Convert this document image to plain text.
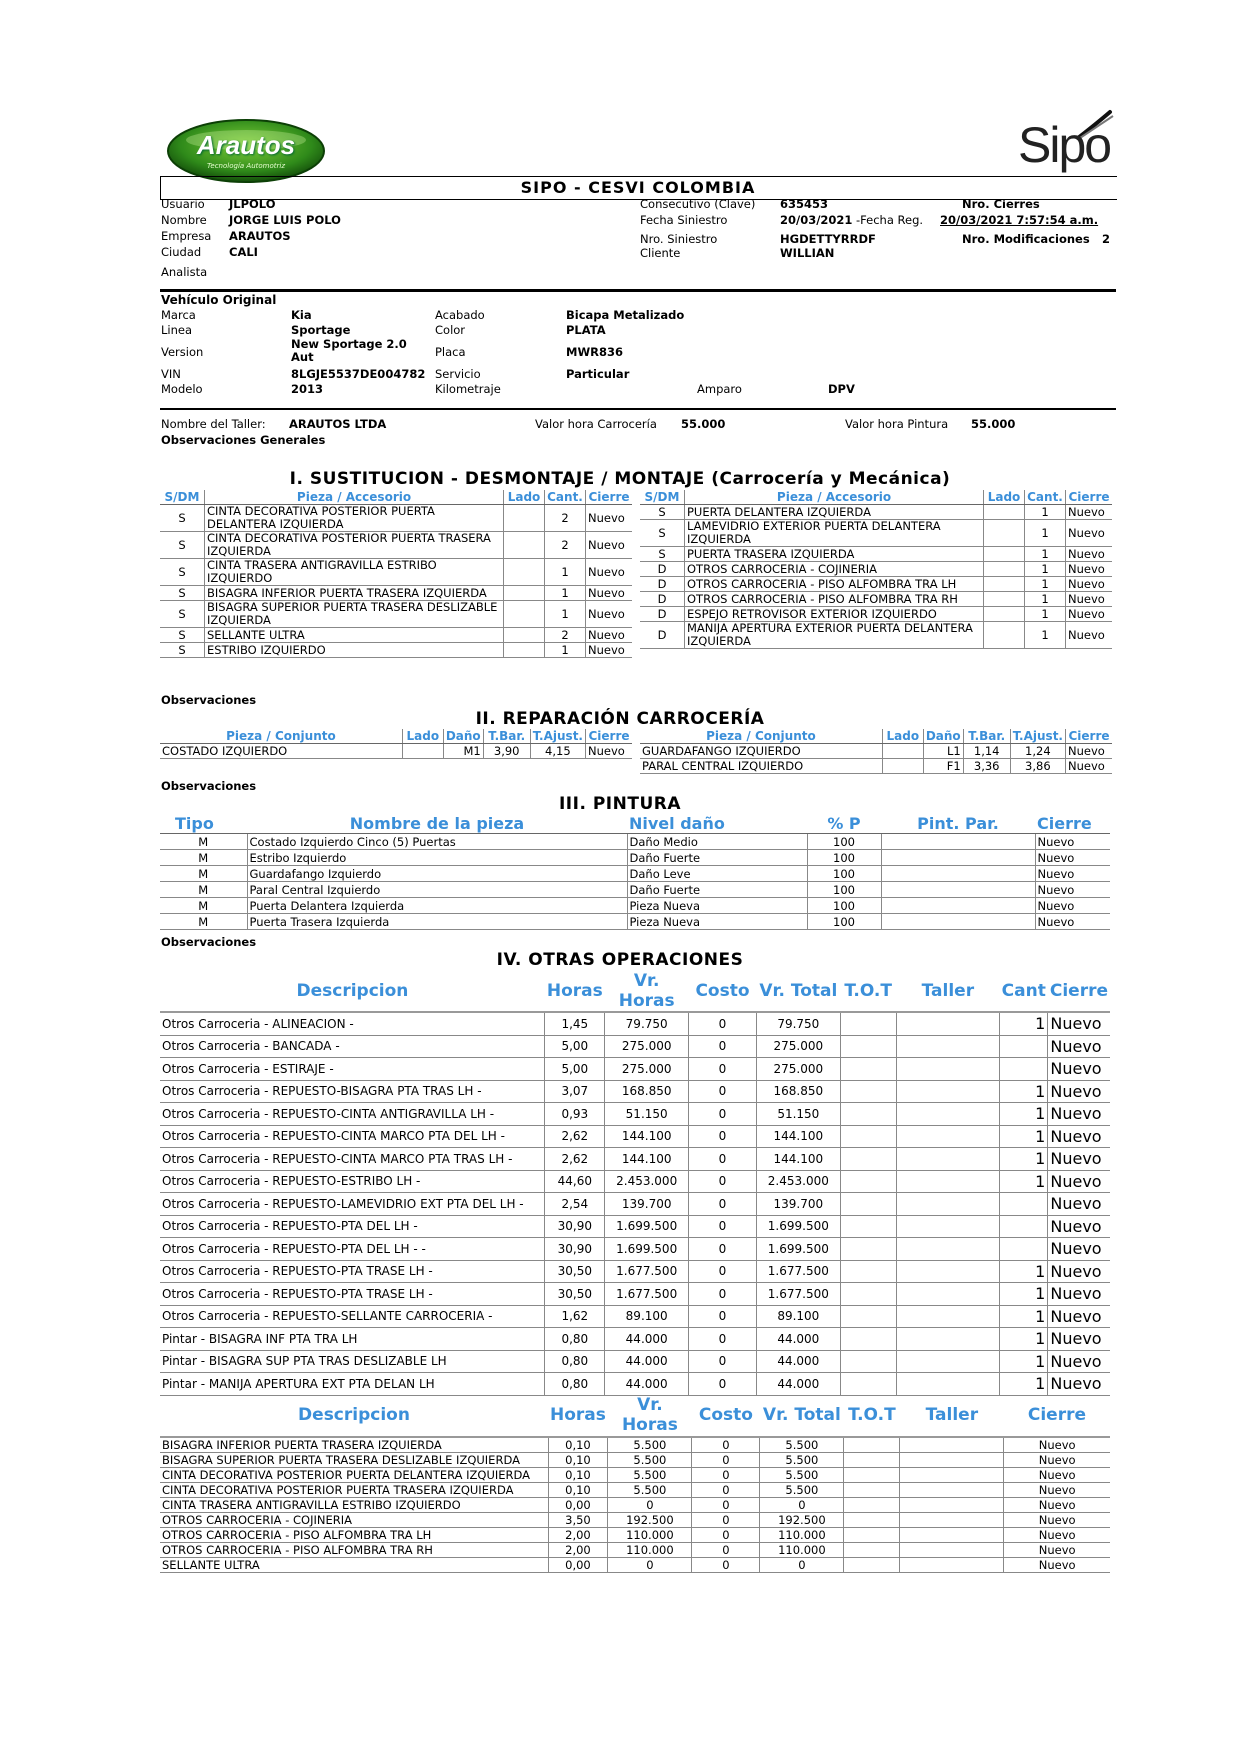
Arautos
Tecnología Automotriz	Sipo
SIPO - CESVI COLOMBIA
Usuario JLPOLO
Nombre JORGE LUIS POLO
Empresa ARAUTOS
Ciudad CALI
Analista
Consecutivo (Clave) 635453	Nro. Cierres
Fecha Siniestro	20/03/2021 -Fecha Reg. 20/03/2021 7:57:54 a.m.
Nro. Siniestro	HGDETTYRRDF	Nro. Modificaciones 2
Cliente	WILLIAN
Vehículo Original
Marca	Kia
Linea	Sportage
Version
New Sportage 2.0 Aut
VIN	8LGJE5537DE004782
Modelo	2013
Acabado	Bicapa Metalizado
Color	PLATA
Placa	MWR836
Servicio	Particular
Kilometraje	Amparo	DPV
Nombre del Taller: ARAUTOS LTDA	Valor hora Carrocería 55.000	Valor hora Pintura 55.000
Observaciones Generales
I. SUSTITUCION - DESMONTAJE / MONTAJE (Carrocería y Mecánica)
S/DM	Pieza / Accesorio	Lado	Cant.	Cierre
S	CINTA DECORATIVA POSTERIOR PUERTA DELANTERA IZQUIERDA		2	Nuevo
S	CINTA DECORATIVA POSTERIOR PUERTA TRASERA IZQUIERDA		2	Nuevo
S	CINTA TRASERA ANTIGRAVILLA ESTRIBO IZQUIERDO		1	Nuevo
S	BISAGRA INFERIOR PUERTA TRASERA IZQUIERDA		1	Nuevo
S	BISAGRA SUPERIOR PUERTA TRASERA DESLIZABLE IZQUIERDA		1	Nuevo
S	SELLANTE ULTRA		2	Nuevo
S	ESTRIBO IZQUIERDO		1	Nuevo
S/DM	Pieza / Accesorio	Lado	Cant.	Cierre
S	PUERTA DELANTERA IZQUIERDA		1	Nuevo
S	LAMEVIDRIO EXTERIOR PUERTA DELANTERA IZQUIERDA		1	Nuevo
S	PUERTA TRASERA IZQUIERDA		1	Nuevo
D	OTROS CARROCERIA - COJINERIA		1	Nuevo
D	OTROS CARROCERIA - PISO ALFOMBRA TRA LH		1	Nuevo
D	OTROS CARROCERIA - PISO ALFOMBRA TRA RH		1	Nuevo
D	ESPEJO RETROVISOR EXTERIOR IZQUIERDO		1	Nuevo
D	MANIJA APERTURA EXTERIOR PUERTA DELANTERA IZQUIERDA		1	Nuevo
Observaciones
II. REPARACIÓN CARROCERÍA
Pieza / Conjunto	Lado	Daño	T.Bar.	T.Ajust.	Cierre
COSTADO IZQUIERDO		M1	3,90	4,15	Nuevo
Pieza / Conjunto	Lado	Daño	T.Bar.	T.Ajust.	Cierre
GUARDAFANGO IZQUIERDO		L1	1,14	1,24	Nuevo
PARAL CENTRAL IZQUIERDO		F1	3,36	3,86	Nuevo
Observaciones
III. PINTURA
Tipo	Nombre de la pieza	Nivel daño	% P	Pint. Par.	Cierre
M	Costado Izquierdo Cinco (5) Puertas	Daño Medio	100		Nuevo
M	Estribo Izquierdo	Daño Fuerte	100		Nuevo
M	Guardafango Izquierdo	Daño Leve	100		Nuevo
M	Paral Central Izquierdo	Daño Fuerte	100		Nuevo
M	Puerta Delantera Izquierda	Pieza Nueva	100		Nuevo
M	Puerta Trasera Izquierda	Pieza Nueva	100		Nuevo
Observaciones
IV. OTRAS OPERACIONES
Descripcion	Horas	Vr. Horas	Costo	Vr. Total	T.O.T	Taller	Cant	Cierre
Otros Carroceria - ALINEACION -	1,45	79.750	0	79.750			1	Nuevo
Otros Carroceria - BANCADA -	5,00	275.000	0	275.000				Nuevo
Otros Carroceria - ESTIRAJE -	5,00	275.000	0	275.000				Nuevo
Otros Carroceria - REPUESTO-BISAGRA PTA TRAS LH -	3,07	168.850	0	168.850			1	Nuevo
Otros Carroceria - REPUESTO-CINTA ANTIGRAVILLA LH -	0,93	51.150	0	51.150			1	Nuevo
Otros Carroceria - REPUESTO-CINTA MARCO PTA DEL LH -	2,62	144.100	0	144.100			1	Nuevo
Otros Carroceria - REPUESTO-CINTA MARCO PTA TRAS LH -	2,62	144.100	0	144.100			1	Nuevo
Otros Carroceria - REPUESTO-ESTRIBO LH -	44,60	2.453.000	0	2.453.000			1	Nuevo
Otros Carroceria - REPUESTO-LAMEVIDRIO EXT PTA DEL LH -	2,54	139.700	0	139.700				Nuevo
Otros Carroceria - REPUESTO-PTA DEL LH -	30,90	1.699.500	0	1.699.500				Nuevo
Otros Carroceria - REPUESTO-PTA DEL LH - -	30,90	1.699.500	0	1.699.500				Nuevo
Otros Carroceria - REPUESTO-PTA TRASE LH -	30,50	1.677.500	0	1.677.500			1	Nuevo
Otros Carroceria - REPUESTO-PTA TRASE LH -	30,50	1.677.500	0	1.677.500			1	Nuevo
Otros Carroceria - REPUESTO-SELLANTE CARROCERIA -	1,62	89.100	0	89.100			1	Nuevo
Pintar - BISAGRA INF PTA TRA LH	0,80	44.000	0	44.000			1	Nuevo
Pintar - BISAGRA SUP PTA TRAS DESLIZABLE LH	0,80	44.000	0	44.000			1	Nuevo
Pintar - MANIJA APERTURA EXT PTA DELAN LH	0,80	44.000	0	44.000			1	Nuevo
Descripcion	Horas	Vr. Horas	Costo	Vr. Total	T.O.T	Taller	Cierre
BISAGRA INFERIOR PUERTA TRASERA IZQUIERDA	0,10	5.500	0	5.500			Nuevo
BISAGRA SUPERIOR PUERTA TRASERA DESLIZABLE IZQUIERDA	0,10	5.500	0	5.500			Nuevo
CINTA DECORATIVA POSTERIOR PUERTA DELANTERA IZQUIERDA	0,10	5.500	0	5.500			Nuevo
CINTA DECORATIVA POSTERIOR PUERTA TRASERA IZQUIERDA	0,10	5.500	0	5.500			Nuevo
CINTA TRASERA ANTIGRAVILLA ESTRIBO IZQUIERDO	0,00	0	0	0			Nuevo
OTROS CARROCERIA - COJINERIA	3,50	192.500	0	192.500			Nuevo
OTROS CARROCERIA - PISO ALFOMBRA TRA LH	2,00	110.000	0	110.000			Nuevo
OTROS CARROCERIA - PISO ALFOMBRA TRA RH	2,00	110.000	0	110.000			Nuevo
SELLANTE ULTRA	0,00	0	0	0			Nuevo
